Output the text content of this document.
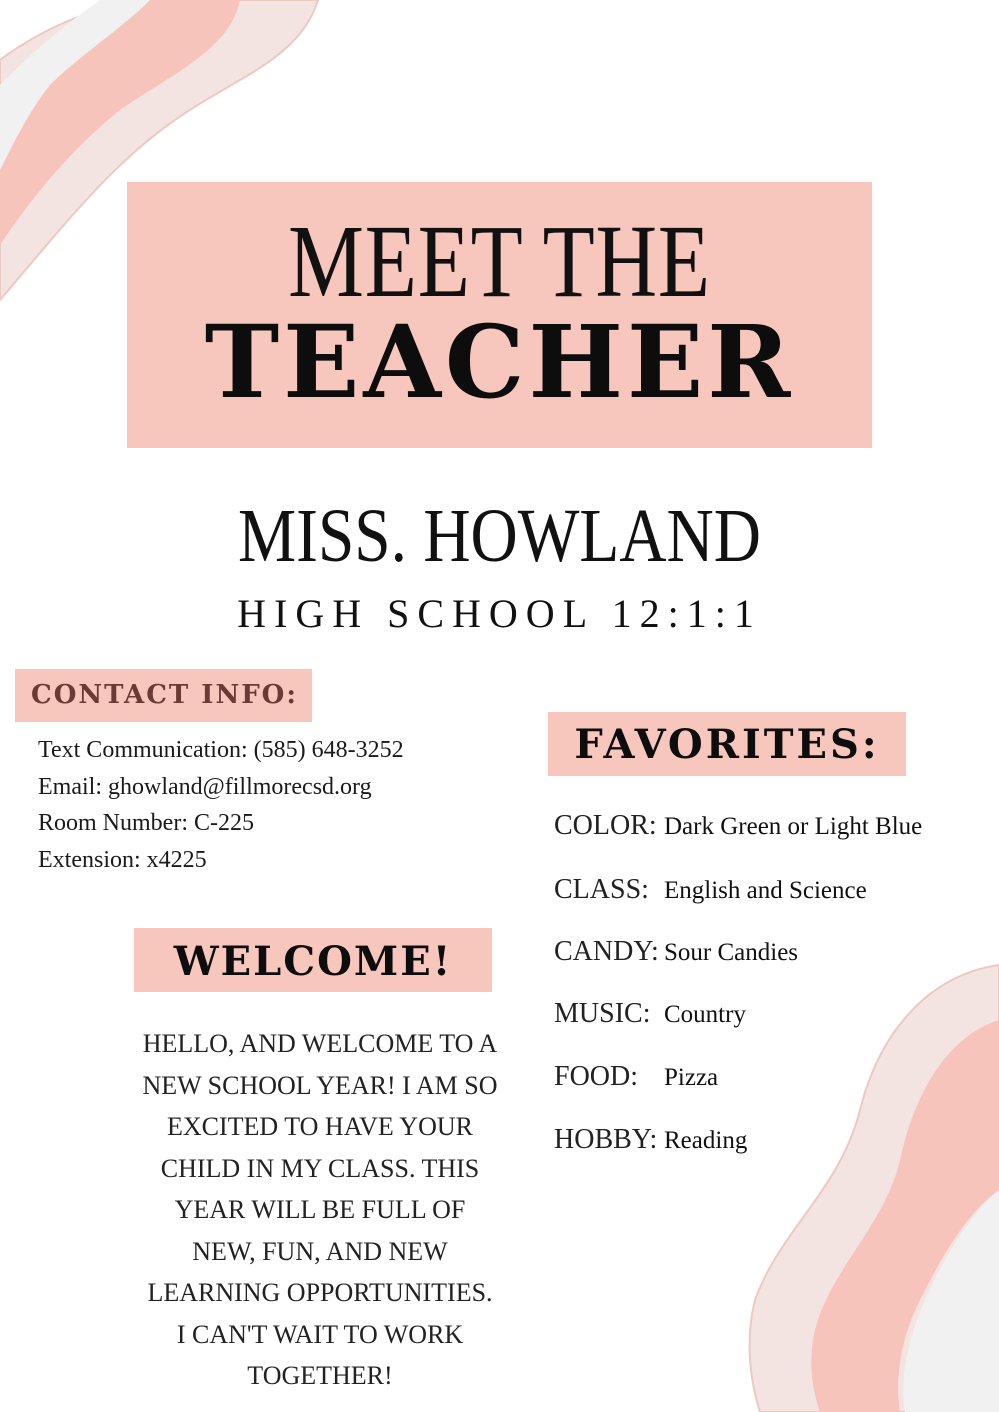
MEET THE
TEACHER
MISS. HOWLAND
HIGH SCHOOL 12:1:1
CONTACT INFO:
Text Communication: (585) 648-3252
Email: ghowland@fillmorecsd.org
Room Number: C-225
Extension: x4225
WELCOME!
HELLO, AND WELCOME TO A
NEW SCHOOL YEAR! I AM SO
EXCITED TO HAVE YOUR
CHILD IN MY CLASS. THIS
YEAR WILL BE FULL OF
NEW, FUN, AND NEW
LEARNING OPPORTUNITIES.
I CAN'T WAIT TO WORK
TOGETHER!
FAVORITES:
COLOR: Dark Green or Light Blue
CLASS: English and Science
CANDY: Sour Candies
MUSIC: Country
FOOD: Pizza
HOBBY: Reading
